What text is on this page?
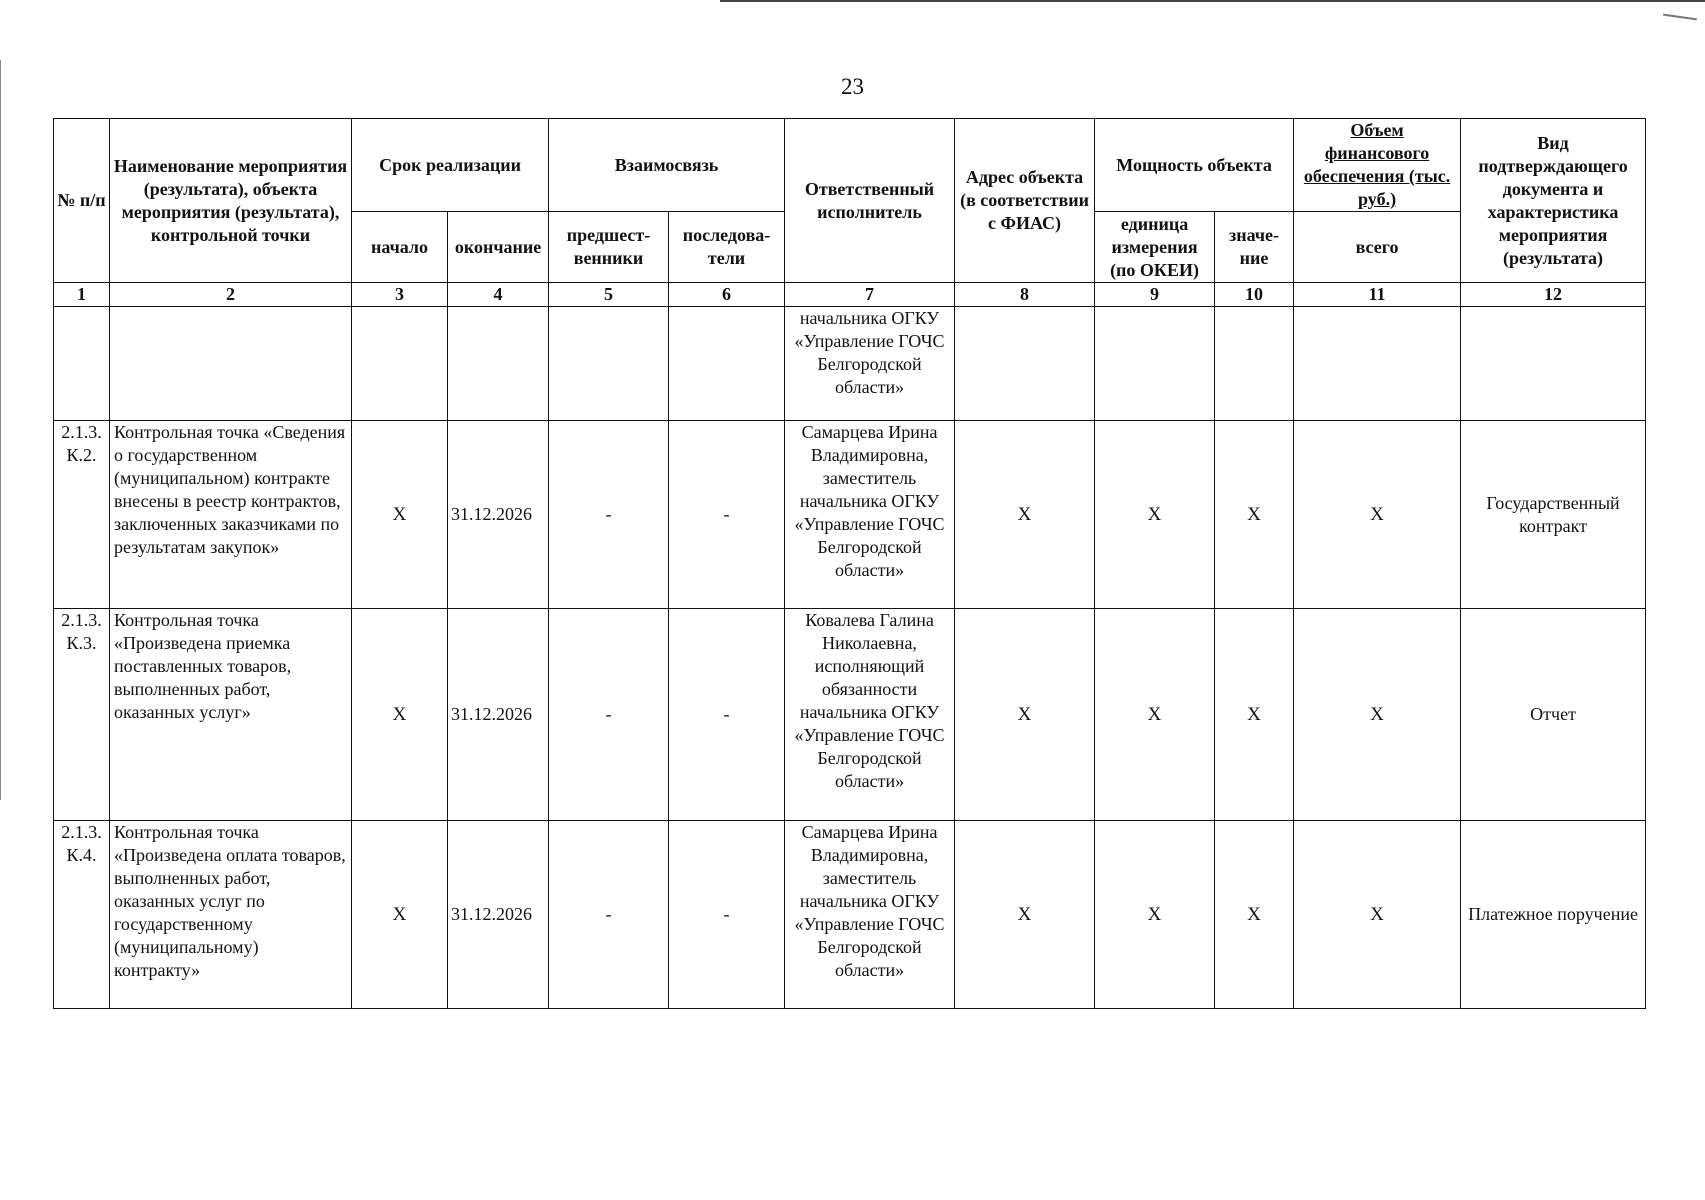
23
№ п/п	Наименование мероприятия (результата), объекта мероприятия (результата), контрольной точки	Срок реализации		Взаимосвязь		Ответственный исполнитель	Адрес объекта (в соответствии с ФИАС)	Мощность объекта		Объем финансового обеспечения (тыс. руб.)	Вид подтверждающего документа и характеристика мероприятия (результата)
		начало	окончание	предшест-венники	последова-тели			единица измерения (по ОКЕИ)	значе-ние	всего	
1	2	3	4	5	6	7	8	9	10	11	12
						начальника ОГКУ «Управление ГОЧС Белгородской области»					
2.1.3. К.2.	Контрольная точка «Сведения о государственном (муниципальном) контракте внесены в реестр контрактов, заключенных заказчиками по результатам закупок»	X	31.12.2026	-	-	Самарцева Ирина Владимировна, заместитель начальника ОГКУ «Управление ГОЧС Белгородской области»	X	X	X	X	Государственный контракт
2.1.3. К.3.	Контрольная точка «Произведена приемка поставленных товаров, выполненных работ, оказанных услуг»	X	31.12.2026	-	-	Ковалева Галина Николаевна, исполняющий обязанности начальника ОГКУ «Управление ГОЧС Белгородской области»	X	X	X	X	Отчет
2.1.3. К.4.	Контрольная точка «Произведена оплата товаров, выполненных работ, оказанных услуг по государственному (муниципальному) контракту»	X	31.12.2026	-	-	Самарцева Ирина Владимировна, заместитель начальника ОГКУ «Управление ГОЧС Белгородской области»	X	X	X	X	Платежное поручение
